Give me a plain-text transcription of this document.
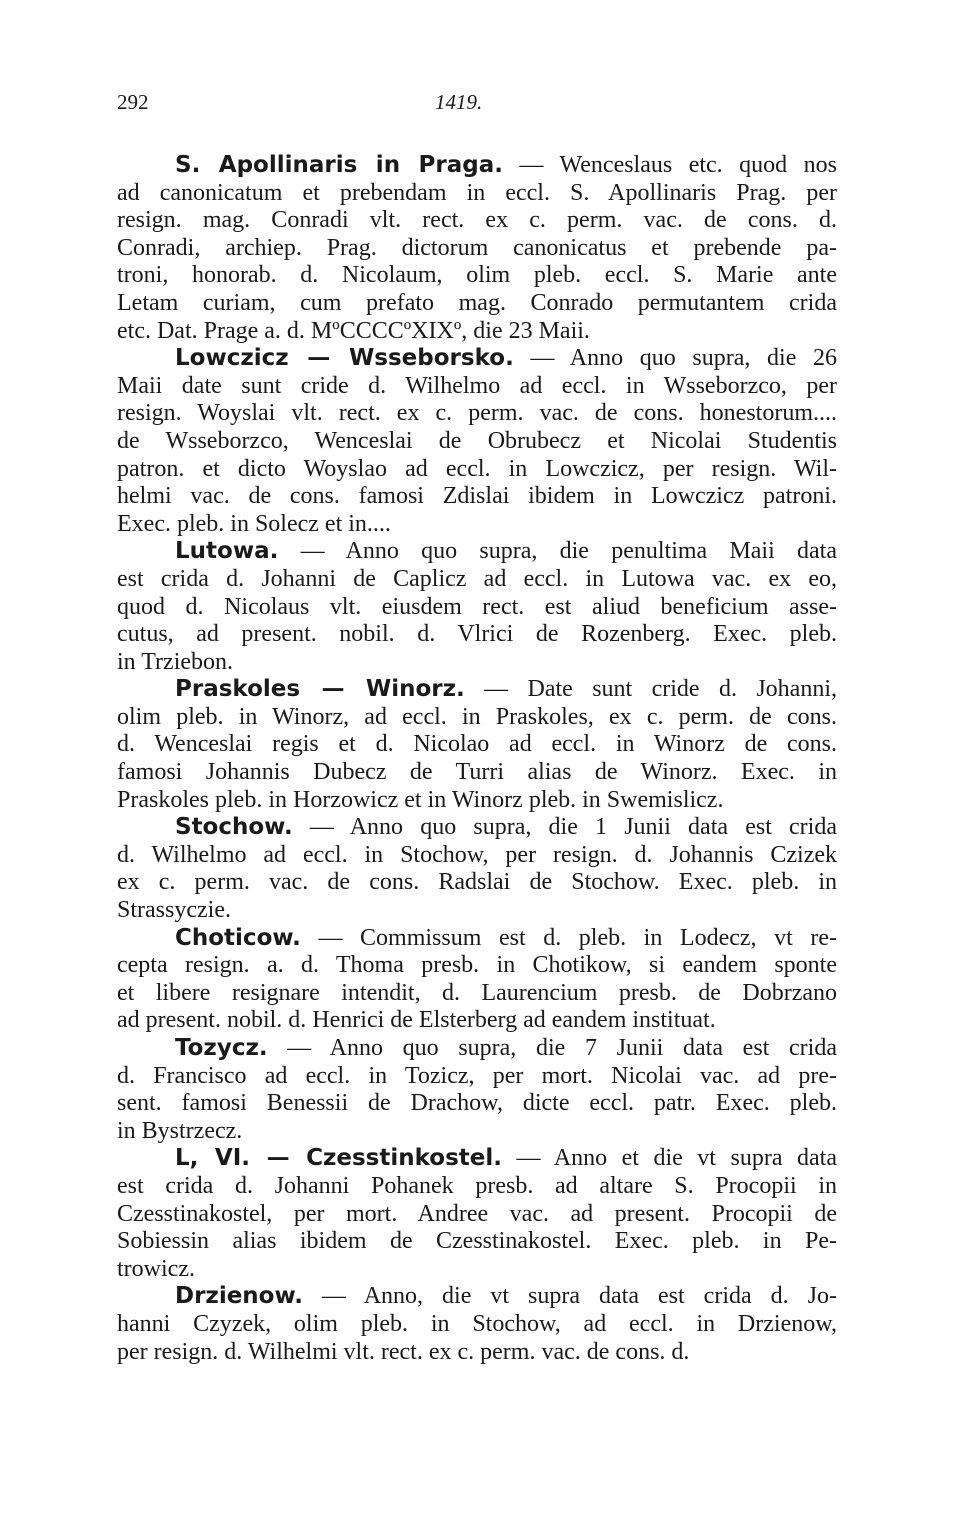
292	1419.
S. Apollinaris in Praga. — Wenceslaus etc. quod nos
ad canonicatum et prebendam in eccl. S. Apollinaris Prag. per
resign. mag. Conradi vlt. rect. ex c. perm. vac. de cons. d.
Conradi, archiep. Prag. dictorum canonicatus et prebende pa-
troni, honorab. d. Nicolaum, olim pleb. eccl. S. Marie ante
Letam curiam, cum prefato mag. Conrado permutantem crida
etc. Dat. Prage a. d. MºCCCCºXIXº, die 23 Maii.
Lowczicz — Wsseborsko. — Anno quo supra, die 26
Maii date sunt cride d. Wilhelmo ad eccl. in Wsseborzco, per
resign. Woyslai vlt. rect. ex c. perm. vac. de cons. honestorum....
de Wsseborzco, Wenceslai de Obrubecz et Nicolai Studentis
patron. et dicto Woyslao ad eccl. in Lowczicz, per resign. Wil-
helmi vac. de cons. famosi Zdislai ibidem in Lowczicz patroni.
Exec. pleb. in Solecz et in....
Lutowa. — Anno quo supra, die penultima Maii data
est crida d. Johanni de Caplicz ad eccl. in Lutowa vac. ex eo,
quod d. Nicolaus vlt. eiusdem rect. est aliud beneficium asse-
cutus, ad present. nobil. d. Vlrici de Rozenberg. Exec. pleb.
in Trziebon.
Praskoles — Winorz. — Date sunt cride d. Johanni,
olim pleb. in Winorz, ad eccl. in Praskoles, ex c. perm. de cons.
d. Wenceslai regis et d. Nicolao ad eccl. in Winorz de cons.
famosi Johannis Dubecz de Turri alias de Winorz. Exec. in
Praskoles pleb. in Horzowicz et in Winorz pleb. in Swemislicz.
Stochow. — Anno quo supra, die 1 Junii data est crida
d. Wilhelmo ad eccl. in Stochow, per resign. d. Johannis Czizek
ex c. perm. vac. de cons. Radslai de Stochow. Exec. pleb. in
Strassyczie.
Choticow. — Commissum est d. pleb. in Lodecz, vt re-
cepta resign. a. d. Thoma presb. in Chotikow, si eandem sponte
et libere resignare intendit, d. Laurencium presb. de Dobrzano
ad present. nobil. d. Henrici de Elsterberg ad eandem instituat.
Tozycz. — Anno quo supra, die 7 Junii data est crida
d. Francisco ad eccl. in Tozicz, per mort. Nicolai vac. ad pre-
sent. famosi Benessii de Drachow, dicte eccl. patr. Exec. pleb.
in Bystrzecz.
L, VI. — Czesstinkostel. — Anno et die vt supra data
est crida d. Johanni Pohanek presb. ad altare S. Procopii in
Czesstinakostel, per mort. Andree vac. ad present. Procopii de
Sobiessin alias ibidem de Czesstinakostel. Exec. pleb. in Pe-
trowicz.
Drzienow. — Anno, die vt supra data est crida d. Jo-
hanni Czyzek, olim pleb. in Stochow, ad eccl. in Drzienow,
per resign. d. Wilhelmi vlt. rect. ex c. perm. vac. de cons. d.
